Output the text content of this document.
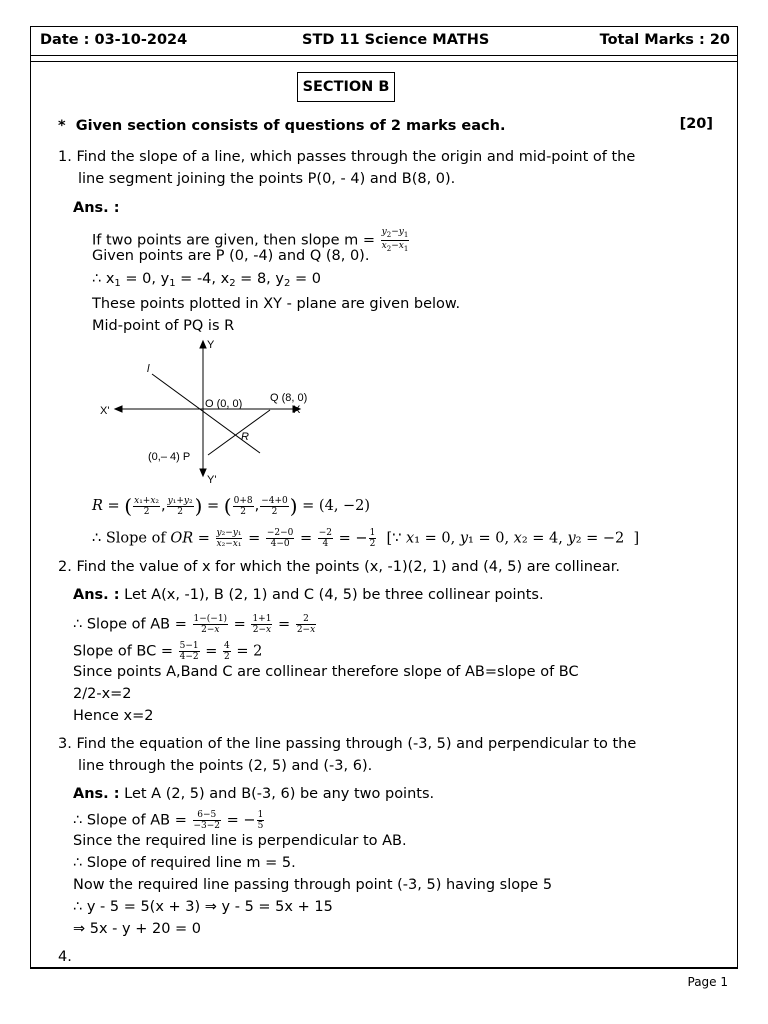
Date : 03-10-2024	STD 11 Science MATHS	Total Marks : 20
SECTION B
* Given section consists of questions of 2 marks each.	[20]
1. Find the slope of a line, which passes through the origin and mid-point of the
line segment joining the points P(0, - 4) and B(8, 0).
Ans. :
If two points are given, then slope $m = \frac{y_2-y_1}{x_2-x_1}$
Given points are P (0, -4) and Q (8, 0).
∴ $x_1 = 0$, $y_1 = -4$, $x_2 = 8$, $y_2 = 0$
These points plotted in XY - plane are given below.
Mid-point of PQ is R
Y
Y'
X
X'
O (0, 0)	Q (8, 0)
(0,– 4) P
R
l
R = ( $\frac{\text{x₁+x₂}}{2}$ , $\frac{\text{y₁+y₂}}{2}$ ) = ( $\frac{0+8}{2}$ , $\frac{-4+0}{2}$ ) = (4, −2)
∴ Slope of OR = $\frac{\text{y₂−y₁}}{\text{x₂−x₁}} = \frac{-2-0}{4-0} = \frac{-2}{4}$ = − $\frac{1}{2}$ [∵ x₁ = 0, y₁ = 0, x₂ = 4, y₂ = −2  ]
2. Find the value of x for which the points (x, -1)(2, 1) and (4, 5) are collinear.
Ans. : Let A(x, -1), B (2, 1) and C (4, 5) be three collinear points.
∴ Slope of AB = $\frac{1-(-1)}{2-x} = \frac{1+1}{2-x} = \frac{2}{2-x}$
Slope of BC = $\frac{5-1}{4-2} = \frac{4}{2} = 2$
Since points A,Band C are collinear therefore slope of AB=slope of BC
2/2-x=2
Hence x=2
3. Find the equation of the line passing through (-3, 5) and perpendicular to the
line through the points (2, 5) and (-3, 6).
Ans. : Let A (2, 5) and B(-3, 6) be any two points.
∴ Slope of AB = $\frac{6-5}{-3-2}$ = − $\frac{1}{5}$
Since the required line is perpendicular to AB.
∴ Slope of required line m = 5.
Now the required line passing through point (-3, 5) having slope 5
∴ y - 5 = 5(x + 3) ⇒ y - 5 = 5x + 15
⇒ 5x - y + 20 = 0
4.
Page 1
